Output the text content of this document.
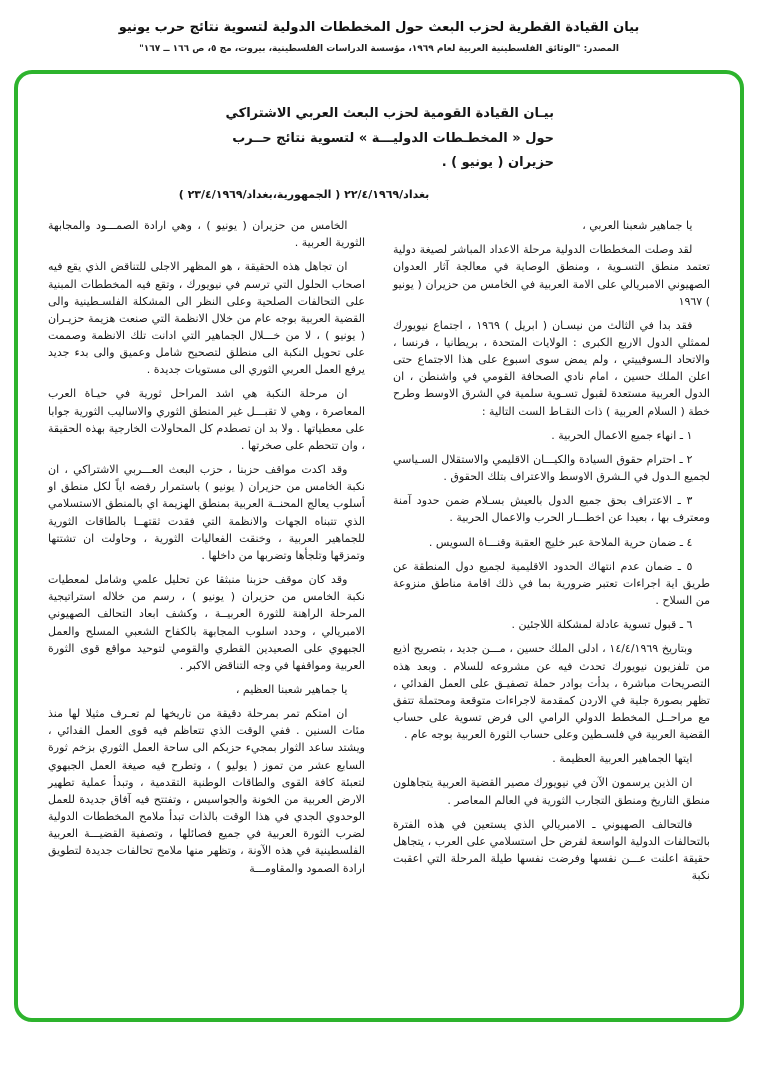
بيان القيادة القطرية لحزب البعث حول المخططات الدولية لتسوية نتائج حرب يونيو
المصدر: "الوثائق الفلسطينية العربية لعام ١٩٦٩، مؤسسة الدراسات الفلسطينية، بيروت، مج ٥، ص ١٦٦ ــ ١٦٧"
بيـان القيادة القومية لحزب البعث العربي الاشتراكي
حول « المخطـطات الدوليـــة » لتسوية نتائج حــرب
حزيران ( يونيو ) .
بغداد/٢٢/٤/١٩٦٩ ( الجمهورية،بغداد/٢٣/٤/١٩٦٩ )

يا جماهير شعبنا العربي ،

لقد وصلت المخططات الدولية مرحلة الاعداد المباشر لصيغة دولية تعتمد منطق التسـوية ، ومنطق الوصاية في معالجة آثار العدوان الصهيوني الامبريالي على الامة العربية في الخامس من حزيران ( يونيو ) ١٩٦٧

فقد بدا في الثالث من نيسـان ( ابريل ) ١٩٦٩ ، اجتماع نيويورك لممثلي الدول الاربع الكبرى : الولايات المتحدة ، بريطانيا ، فرنسا ، والاتحاد الـسوفييتي ، ولم يمض سوى اسبوع على هذا الاجتماع حتى اعلن الملك حسين ، امام نادي الصحافة القومي في واشنطن ، ان الدول العربية مستعدة لقبول تسـوية سلمية في الشرق الاوسط وطرح خطة ( السلام العربية ) ذات النقـاط الست التالية :

١ ـ انهاء جميع الاعمال الحربية .

٢ ـ احترام حقوق السيادة والكيـــان الاقليمي والاستقلال السـياسي لجميع الـدول في الـشرق الاوسط والاعتراف بتلك الحقوق .

٣ ـ الاعتراف بحق جميع الدول بالعيش بسـلام ضمن حدود آمنة ومعترف بها ، بعيدا عن اخطـــار الحرب والاعمال الحربية .

٤ ـ ضمان حرية الملاحة عبر خليج العقبة وقنـــاة السويس .

٥ ـ ضمان عدم انتهاك الحدود الاقليمية لجميع دول المنطقة عن طريق اية اجراءات تعتبر ضرورية بما في ذلك اقامة مناطق منزوعة من السلاح .

٦ ـ قبول تسوية عادلة لمشكلة اللاجئين .

وبتاريخ ١٤/٤/١٩٦٩ ، ادلى الملك حسين ، مـــن جديد ، بتصريح اذيع من تلفزيون نيويورك تحدث فيه عن مشروعه للسلام . وبعد هذه التصريحات مباشرة ، بدأت بوادر حملة تصفيـق على العمل الفدائي ، تظهر بصورة جلية في الاردن كمقدمة لاجراءات متوقعة ومحتملة تتفق مع مراحــل المخطط الدولي الرامي الى فرض تسوية على حساب القضية العربية في فلسـطين وعلى حساب الثورة العربية بوجه عام .

ايتها الجماهير العربية العظيمة .

ان الذين يرسمون الآن في نيويورك مصير القضية العربية يتجاهلون منطق التاريخ ومنطق التجارب الثورية في العالم المعاصر .

فالتحالف الصهيوني ـ الامبريالي الذي يستعين في هذه الفترة بالتحالفات الدولية الواسعة لفرض حل استسلامي على العرب ، يتجاهل حقيقة اعلنت عـــن نفسها وفرضت نفسها طيلة المرحلة التي اعقبت نكبة

الخامس من حزيران ( يونيو ) ، وهي ارادة الصمـــود والمجابهة الثورية العربية .

ان تجاهل هذه الحقيقة ، هو المظهر الاجلى للتناقض الذي يقع فيه اصحاب الحلول التي ترسم في نيويورك ، وتقع فيه المخططات المبنية على التحالفات الصلحية وعلى النظر الى المشكلة الفلسـطينية والى القضية العربية بوجه عام من خلال الانظمة التي صنعت هزيمة حزيـران ( يونيو ) ، لا من خـــلال الجماهير التي ادانت تلك الانظمة وصممت على تحويل النكبة الى منطلق لتصحيح شامل وعميق والى بدء جديد يرفع العمل العربي الثوري الى مستويات جديدة .

ان مرحلة النكبة هي اشد المراحل ثورية في حيـاة العرب المعاصرة ، وهي لا تقبـــل غير المنطق الثوري والاساليب الثورية جوابا على معطياتها . ولا بد ان تصطدم كل المحاولات الخارجية بهذه الحقيقة ، وان تتحطم على صخرتها .

وقد اكدت مواقف حزبنا ، حزب البعث العـــربي الاشتراكي ، ان نكبة الخامس من حزيران ( يونيو ) باستمرار رفضه اياً لكل منطق او أسلوب يعالج المحنــة العربية بمنطق الهزيمة اي بالمنطق الاستسلامي الذي تتبناه الجهات والانظمة التي فقدت ثقتهــا بالطاقات الثورية للجماهير العربية ، وخنقت الفعاليات الثورية ، وحاولت ان تشتتها وتمزقها وتلجأها وتضربها من داخلها .

وقد كان موقف حزبنا منبثقا عن تحليل علمي وشامل لمعطيات نكبة الخامس من حزيران ( يونيو ) ، رسم من خلاله استراتيجية المرحلة الراهنة للثورة العربيــة ، وكشف ابعاد التحالف الصهيوني الامبريالي ، وحدد اسلوب المجابهة بالكفاح الشعبي المسلح والعمل الجبهوي على الصعيدين القطري والقومي لتوحيد مواقع قوى الثورة العربية ومواقفها في وجه التناقض الاكبر .

يا جماهير شعبنا العظيم ،

ان امتكم تمر بمرحلة دقيقة من تاريخها لم تعـرف مثيلا لها منذ مئات السنين . ففي الوقت الذي تتعاظم فيه قوى العمل الفدائي ، ويشتد ساعد الثوار بمجيء حزبكم الى ساحة العمل الثوري بزخم ثورة السابع عشر من تموز ( يوليو ) ، وتطرح فيه صيغة العمل الجبهوي لتعبئة كافة القوى والطاقات الوطنية التقدمية ، وتبدأ عملية تطهير الارض العربية من الخونة والجواسيس ، وتفتتح فيه آفاق جديدة للعمل الوحدوي الجدي في هذا الوقت بالذات تبدأ ملامح المخططات الدولية لضرب الثورة العربية في جميع فصائلها ، وتصفية القضيـــة العربية الفلسطينية في هذه الآونة ، وتظهر منها ملامح تحالفات جديدة لتطويق ارادة الصمود والمقاومـــة
